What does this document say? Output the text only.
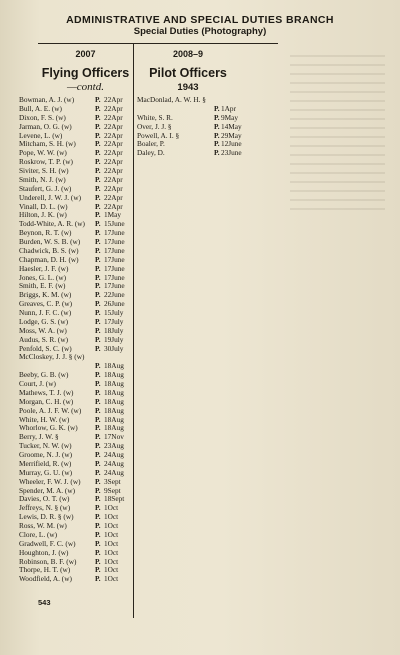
ADMINISTRATIVE AND SPECIAL DUTIES BRANCH
Special Duties (Photography)
2007
Flying Officers
—contd.
2008–9
Pilot Officers
1943
Bowman, A. J. (w)	P. 22Apr
Bull, A. E. (w)	P. 22Apr
Dixon, F. S. (w)	P. 22Apr
Jarman, O. G. (w)	P. 22Apr
Levene, L. (w)	P. 22Apr
Mitcham, S. H. (w)	P. 22Apr
Pope, W. W. (w)	P. 22Apr
Roskrow, T. P. (w)	P. 22Apr
Siviter, S. H. (w)	P. 22Apr
Smith, N. J. (w)	P. 22Apr
Staufert, G. J. (w)	P. 22Apr
Underell, J. W. J. (w) P. 22Apr
Vinall, D. L. (w)	P. 22Apr
Hilton, J. K. (w)	P. 1May
Todd-White, A. R. (w) P. 15June
Beynon, R. T. (w)	P. 17June
Burden, W. S. B. (w) P. 17June
Chadwick, B. S. (w) P. 17June
Chapman, D. H. (w) P. 17June
Haesler, J. F. (w)	P. 17June
Jones, G. L. (w)	P. 17June
Smith, E. F. (w)	P. 17June
Briggs, K. M. (w)	P. 22June
Greaves, C. P. (w)	P. 26June
Nunn, J. F. C. (w)	P. 15July
Lodge, G. S. (w)	P. 17July
Moss, W. A. (w)	P. 18July
Audus, S. R. (w)	P. 19July
Penfold, S. C. (w)	P. 30July
McCloskey, J. J. § (w)
P. 18Aug
Beeby, G. B. (w)	P. 18Aug
Court, J. (w)	P. 18Aug
Mathews, T. J. (w)	P. 18Aug
Morgan, C. H. (w)	P. 18Aug
Poole, A. J. F. W. (w) P. 18Aug
White, H. W. (w)	P. 18Aug
Whorlow, G. K. (w) P. 18Aug
Berry, J. W. §	P. 17Nov
Tucker, N. W. (w)	P. 23Aug
Groome, N. J. (w)	P. 24Aug
Merrifield, R. (w)	P. 24Aug
Murray, G. U. (w)	P. 24Aug
Wheeler, F. W. J. (w) P. 3Sept
Spender, M. A. (w)	P. 9Sept
Davies, O. T. (w)	P. 18Sept
Jeffreys, N. § (w)	P. 1Oct
Lewis, D. R. § (w)	P. 1Oct
Ross, W. M. (w)	P. 1Oct
Clore, L. (w)	P. 1Oct
Gradwell, F. C. (w)	P. 1Oct
Houghton, J. (w)	P. 1Oct
Robinson, B. F. (w)	P. 1Oct
Thorpe, H. T. (w)	P. 1Oct
Woodfield, A. (w)	P. 1Oct
MacDonlad, A. W. H. §
P. 1Apr
White, S. R.	P. 9May
Over, J. J. §	P. 14May
Powell, A. I. §	P. 29May
Boaler, P.	P. 12June
Daley, D.	P. 23June
543
